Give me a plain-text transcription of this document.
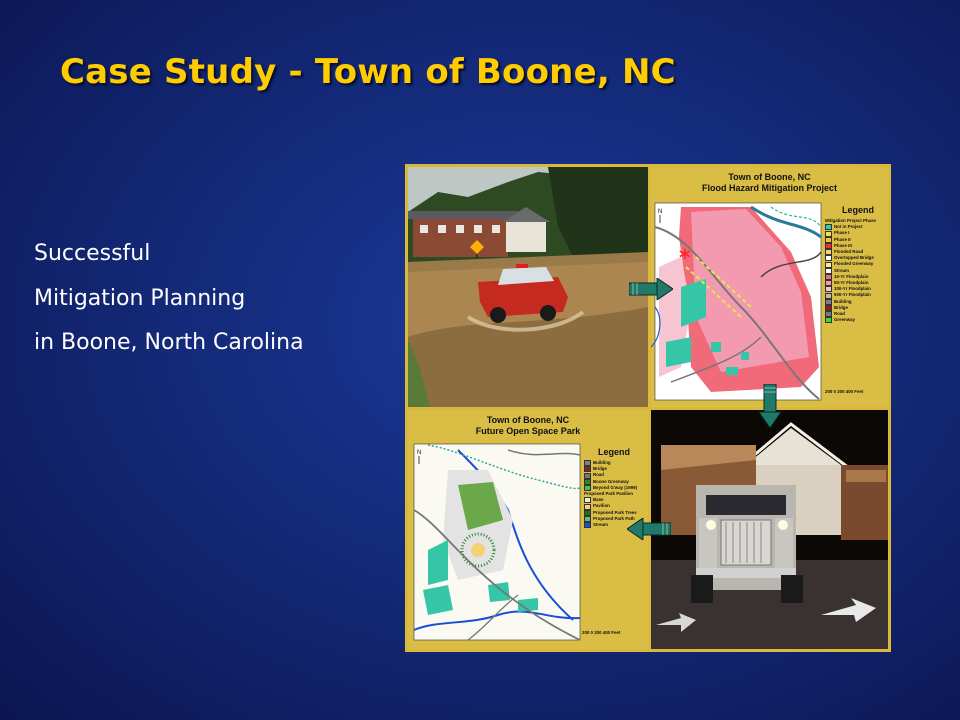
Case Study - Town of Boone, NC
Successful
Mitigation Planning
in Boone, North Carolina
Town of Boone, NC
Flood Hazard Mitigation Project
*
N	Legend
Mitigation Project Phase
Not in Project
Phase I
Phase II
Phase III
Flooded Road
Overtopped Bridge
Flooded Greenway
Stream
10-Yr Floodplain
50-Yr Floodplain
100-Yr Floodplain
500-Yr Floodplain
Building
Bridge
Road
Greenway
200 0 200 400 Feet
Town of Boone, NC
Future Open Space Park
N	Legend
Building
Bridge
Road
Boone Greenway
Beyond G'way (1999)
Proposed Park Pavilion
Base
Pavilion
Proposed Park Trees
Proposed Park Path
Stream
200 0 200 400 Feet
